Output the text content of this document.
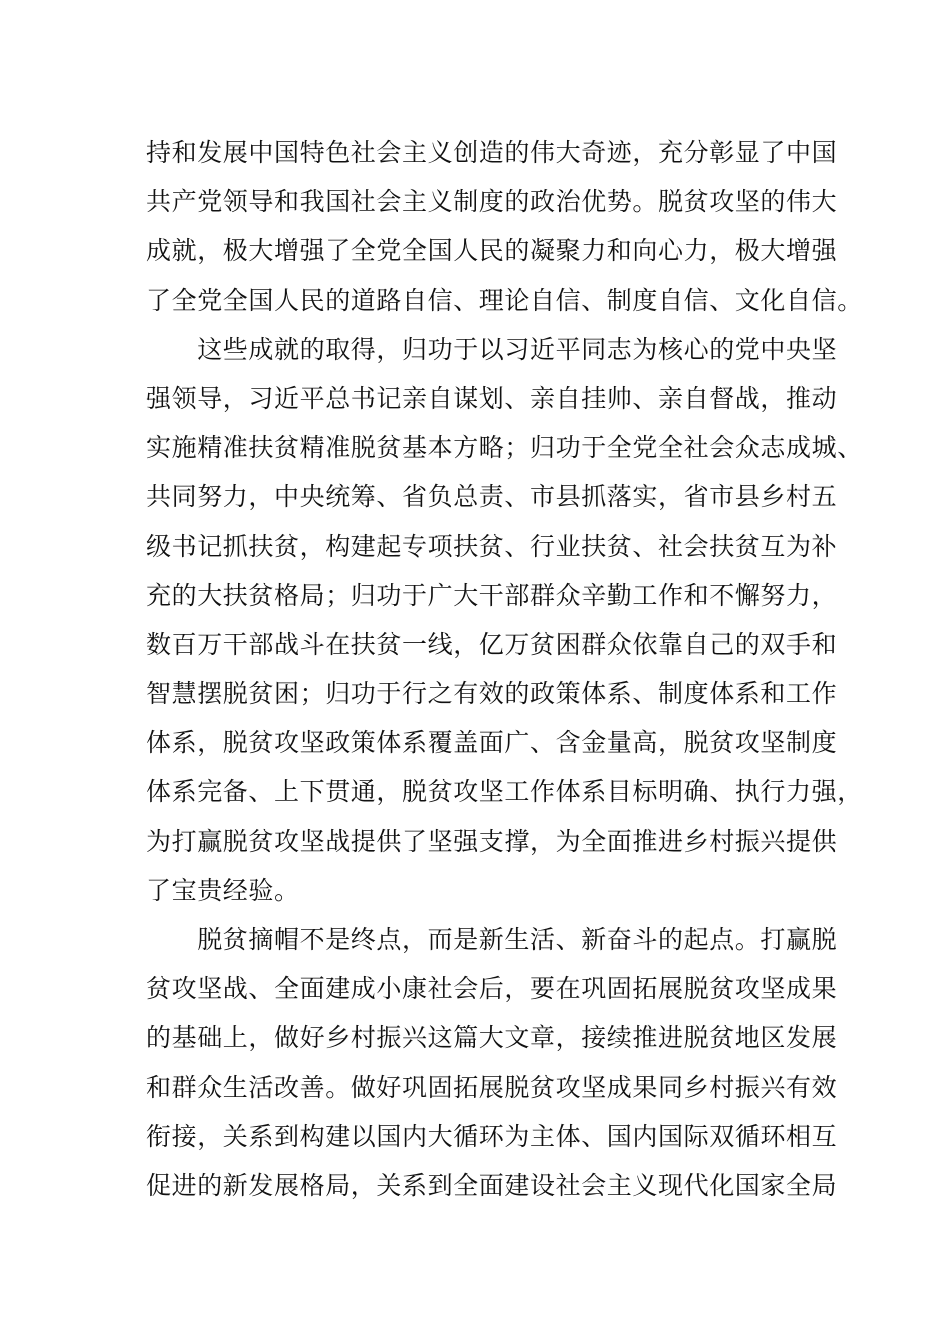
持和发展中国特色社会主义创造的伟大奇迹，充分彰显了中国
共产党领导和我国社会主义制度的政治优势。脱贫攻坚的伟大
成就，极大增强了全党全国人民的凝聚力和向心力，极大增强
了全党全国人民的道路自信、理论自信、制度自信、文化自信。
　　这些成就的取得，归功于以习近平同志为核心的党中央坚
强领导，习近平总书记亲自谋划、亲自挂帅、亲自督战，推动
实施精准扶贫精准脱贫基本方略；归功于全党全社会众志成城、
共同努力，中央统筹、省负总责、市县抓落实，省市县乡村五
级书记抓扶贫，构建起专项扶贫、行业扶贫、社会扶贫互为补
充的大扶贫格局；归功于广大干部群众辛勤工作和不懈努力，
数百万干部战斗在扶贫一线，亿万贫困群众依靠自己的双手和
智慧摆脱贫困；归功于行之有效的政策体系、制度体系和工作
体系，脱贫攻坚政策体系覆盖面广、含金量高，脱贫攻坚制度
体系完备、上下贯通，脱贫攻坚工作体系目标明确、执行力强，
为打赢脱贫攻坚战提供了坚强支撑，为全面推进乡村振兴提供
了宝贵经验。
　　脱贫摘帽不是终点，而是新生活、新奋斗的起点。打赢脱
贫攻坚战、全面建成小康社会后，要在巩固拓展脱贫攻坚成果
的基础上，做好乡村振兴这篇大文章，接续推进脱贫地区发展
和群众生活改善。做好巩固拓展脱贫攻坚成果同乡村振兴有效
衔接，关系到构建以国内大循环为主体、国内国际双循环相互
促进的新发展格局，关系到全面建设社会主义现代化国家全局
